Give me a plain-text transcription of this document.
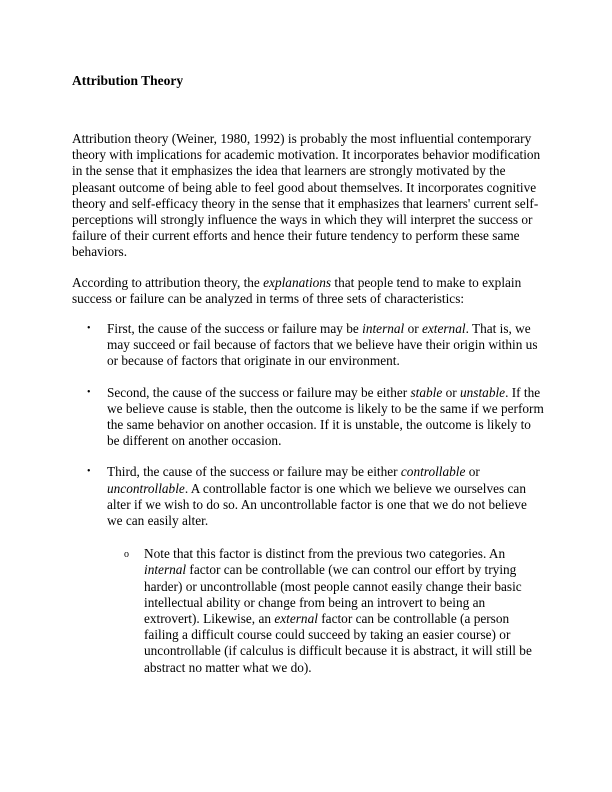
Attribution Theory

Attribution theory (Weiner, 1980, 1992) is probably the most influential contemporary theory with implications for academic motivation. It incorporates behavior modification in the sense that it emphasizes the idea that learners are strongly motivated by the pleasant outcome of being able to feel good about themselves. It incorporates cognitive theory and self-efficacy theory in the sense that it emphasizes that learners' current self-perceptions will strongly influence the ways in which they will interpret the success or failure of their current efforts and hence their future tendency to perform these same behaviors.

According to attribution theory, the explanations that people tend to make to explain success or failure can be analyzed in terms of three sets of characteristics:

• First, the cause of the success or failure may be internal or external. That is, we may succeed or fail because of factors that we believe have their origin within us or because of factors that originate in our environment.
• Second, the cause of the success or failure may be either stable or unstable. If the we believe cause is stable, then the outcome is likely to be the same if we perform the same behavior on another occasion. If it is unstable, the outcome is likely to be different on another occasion.
• Third, the cause of the success or failure may be either controllable or uncontrollable. A controllable factor is one which we believe we ourselves can alter if we wish to do so. An uncontrollable factor is one that we do not believe we can easily alter.
o Note that this factor is distinct from the previous two categories. An internal factor can be controllable (we can control our effort by trying harder) or uncontrollable (most people cannot easily change their basic intellectual ability or change from being an introvert to being an extrovert). Likewise, an external factor can be controllable (a person failing a difficult course could succeed by taking an easier course) or uncontrollable (if calculus is difficult because it is abstract, it will still be abstract no matter what we do).
